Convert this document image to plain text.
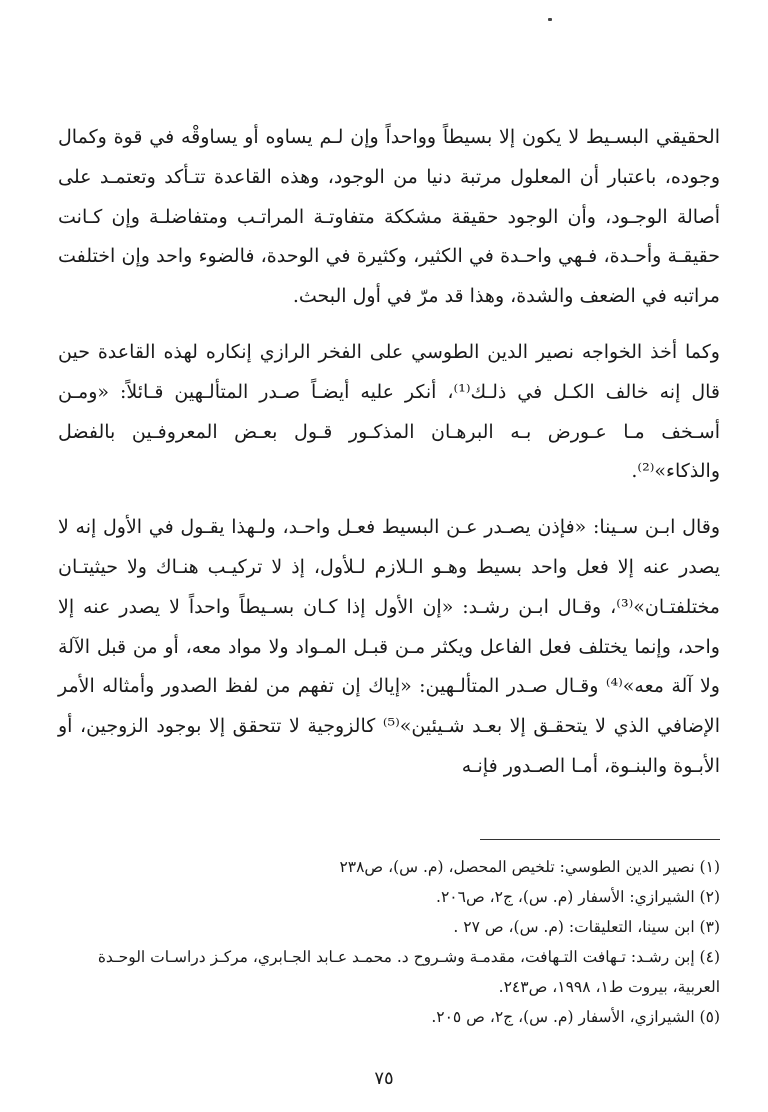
الحقيقي البسـيط لا يكون إلا بسيطاً وواحداً وإن لـم يساوه أو يساوقْه في قوة وكمال وجوده، باعتبار أن المعلول مرتبة دنيا من الوجود، وهذه القاعدة تتـأكد وتعتمـد على أصالة الوجـود، وأن الوجود حقيقة مشككة متفاوتـة المراتـب ومتفاضلـة وإن كـانت حقيقـة وأحـدة، فـهي واحـدة في الكثير، وكثيرة في الوحدة، فالضوء واحد وإن اختلفت مراتبه في الضعف والشدة، وهذا قد مرّ في أول البحث.

وكما أخذ الخواجه نصير الدين الطوسي على الفخر الرازي إنكاره لهذه القاعدة حين قال إنه خالف الكـل في ذلـك⁽¹⁾، أنكر عليه أيضـاً صـدر المتألـهين قـائلاً: «ومـن أسـخف مـا عـورض بـه البرهـان المذكـور قـول بعـض المعروفـين بالفضل والذكاء»⁽²⁾.

وقال ابـن سـينا: «فإذن يصـدر عـن البسيط فعـل واحـد، ولـهذا يقـول في الأول إنه لا يصدر عنه إلا فعل واحد بسيط وهـو الـلازم لـلأول، إذ لا تركيـب هنـاك ولا حيثيتـان مختلفتـان»⁽³⁾، وقـال ابـن رشـد: «إن الأول إذا كـان بسـيطاً واحداً لا يصدر عنه إلا واحد، وإنما يختلف فعل الفاعل ويكثر مـن قبـل المـواد ولا مواد معه، أو من قبل الآلة ولا آلة معه»⁽⁴⁾ وقـال صـدر المتألـهين: «إياك إن تفهم من لفظ الصدور وأمثاله الأمر الإضافي الذي لا يتحقـق إلا بعـد شـيئين»⁽⁵⁾ كالزوجية لا تتحقق إلا بوجود الزوجين، أو الأبـوة والبنـوة، أمـا الصـدور فإنـه

(١) نصير الدين الطوسي: تلخيص المحصل، (م. س)، ص٢٣٨

(٢) الشيرازي: الأسفار (م. س)، ج٢، ص٢٠٦.

(٣) ابن سينا، التعليقات: (م. س)، ص ٢٧ .

(٤) إبن رشـد: تـهافت التـهافت، مقدمـة وشـروح د. محمـد عـابد الجـابري، مركـز دراسـات الوحـدة العربية، بيروت ط١، ١٩٩٨، ص٢٤٣.

(٥) الشيرازي، الأسفار (م. س)، ج٢، ص ٢٠٥.

٧٥
